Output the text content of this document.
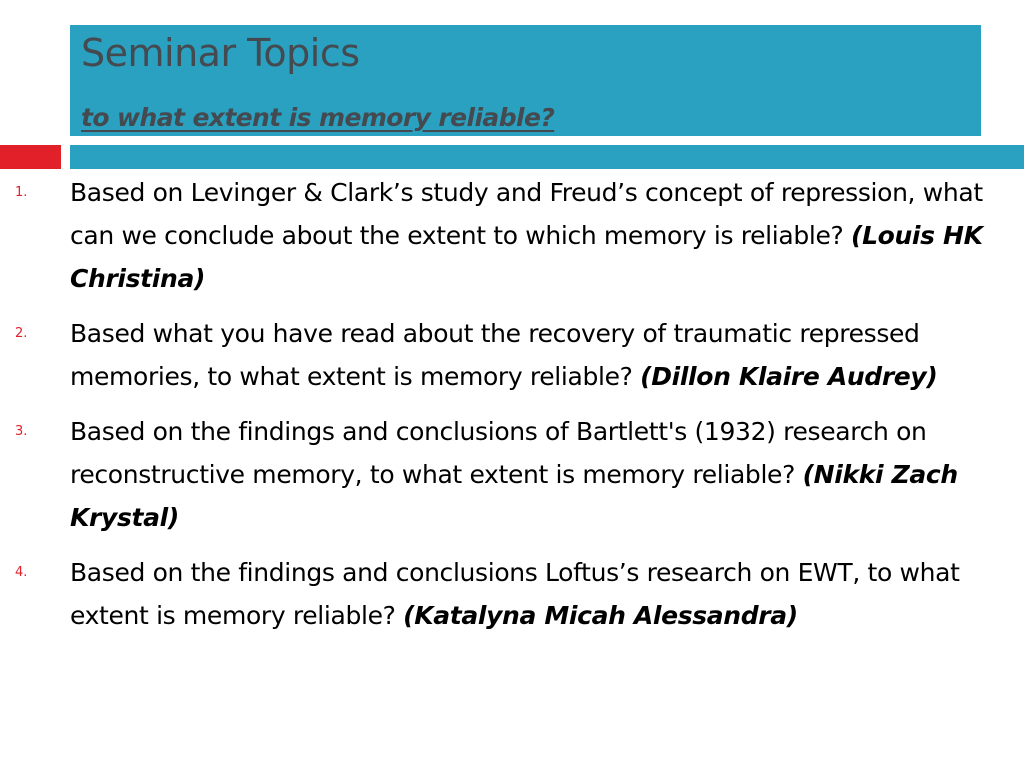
Seminar Topics
to what extent is memory reliable?
1. Based on Levinger & Clark’s study and Freud’s concept of repression, what can we conclude about the extent to which memory is reliable? (Louis HK Christina)
2. Based what you have read about the recovery of traumatic repressed memories, to what extent is memory reliable? (Dillon Klaire Audrey)
3. Based on the findings and conclusions of Bartlett's (1932) research on reconstructive memory, to what extent is memory reliable? (Nikki Zach Krystal)
4. Based on the findings and conclusions Loftus’s research on EWT, to what extent is memory reliable? (Katalyna Micah Alessandra)
